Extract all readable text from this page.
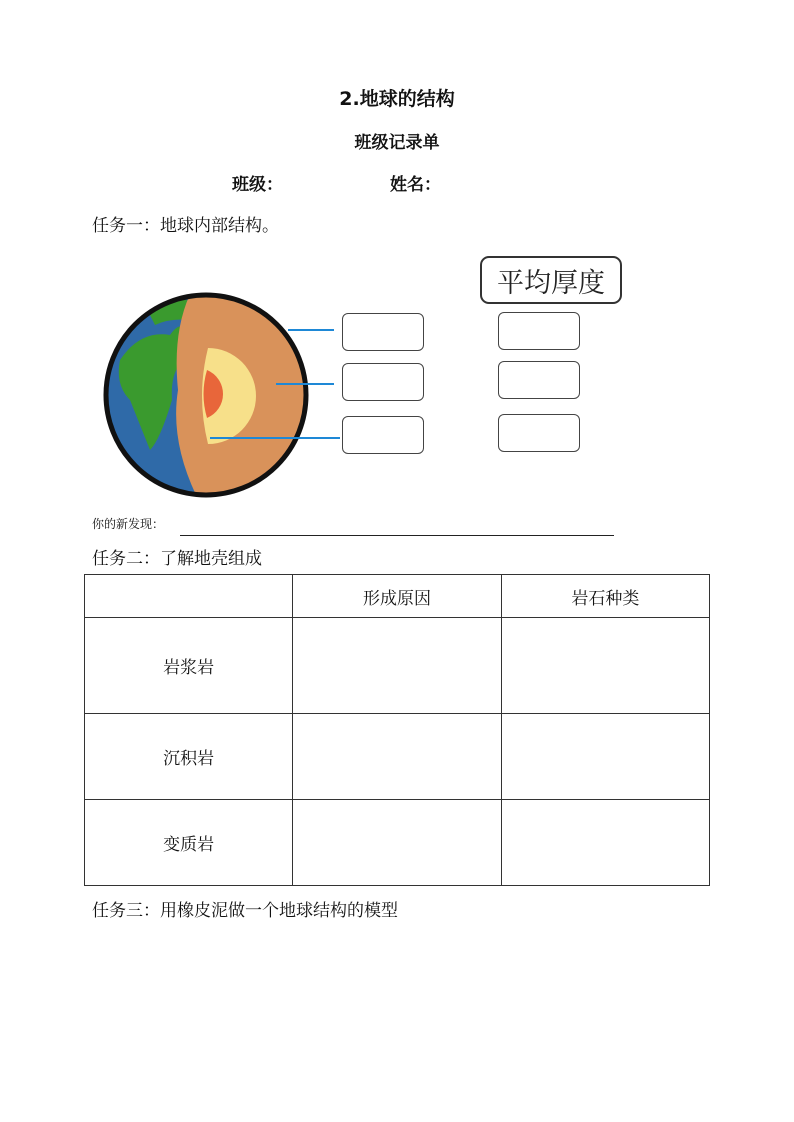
2.地球的结构
班级记录单
班级：	姓名：
任务一：地球内部结构。
平均厚度
你的新发现：
任务二：了解地壳组成
	形成原因	岩石种类
岩浆岩		
沉积岩		
变质岩		
任务三：用橡皮泥做一个地球结构的模型
